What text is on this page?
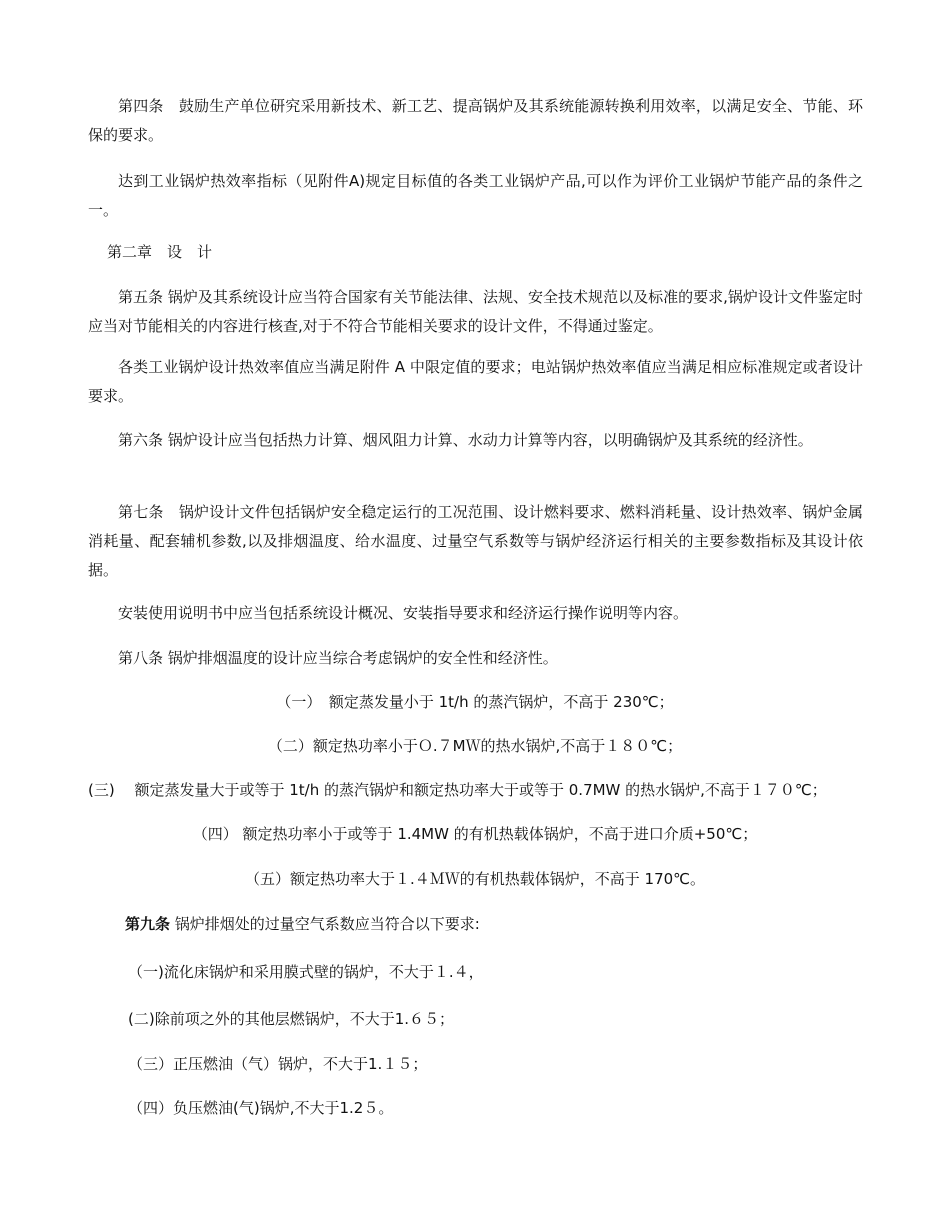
第四条　鼓励生产单位研究采用新技术、新工艺、提高锅炉及其系统能源转换利用效率，以满足安全、节能、环保的要求。

达到工业锅炉热效率指标（见附件A)规定目标值的各类工业锅炉产品,可以作为评价工业锅炉节能产品的条件之一。

第二章　设　计

第五条 锅炉及其系统设计应当符合国家有关节能法律、法规、安全技术规范以及标准的要求,锅炉设计文件鉴定时应当对节能相关的内容进行核查,对于不符合节能相关要求的设计文件，不得通过鉴定。

各类工业锅炉设计热效率值应当满足附件 A 中限定值的要求；电站锅炉热效率值应当满足相应标准规定或者设计要求。

第六条 锅炉设计应当包括热力计算、烟风阻力计算、水动力计算等内容，以明确锅炉及其系统的经济性。

第七条　锅炉设计文件包括锅炉安全稳定运行的工况范围、设计燃料要求、燃料消耗量、设计热效率、锅炉金属消耗量、配套辅机参数,以及排烟温度、给水温度、过量空气系数等与锅炉经济运行相关的主要参数指标及其设计依据。

安装使用说明书中应当包括系统设计概况、安装指导要求和经济运行操作说明等内容。

第八条 锅炉排烟温度的设计应当综合考虑锅炉的安全性和经济性。

（一）　额定蒸发量小于 1t/h 的蒸汽锅炉，不高于 230℃；

（二）额定热功率小于Ｏ.７MＷ的热水锅炉,不高于１８０℃；

(三)　 额定蒸发量大于或等于 1t/h 的蒸汽锅炉和额定热功率大于或等于 0.7MW 的热水锅炉,不高于１７０℃；

（四） 额定热功率小于或等于 1.4MW 的有机热载体锅炉，不高于进口介质+50℃；

（五）额定热功率大于１.４ＭＷ的有机热载体锅炉，不高于 170℃。

第九条 锅炉排烟处的过量空气系数应当符合以下要求:

（一)流化床锅炉和采用膜式壁的锅炉，不大于１.４，

(二)除前项之外的其他层燃锅炉，不大于1.６５；

（三）正压燃油（气）锅炉，不大于1.１５；

（四）负压燃油(气)锅炉,不大于1.2５。
